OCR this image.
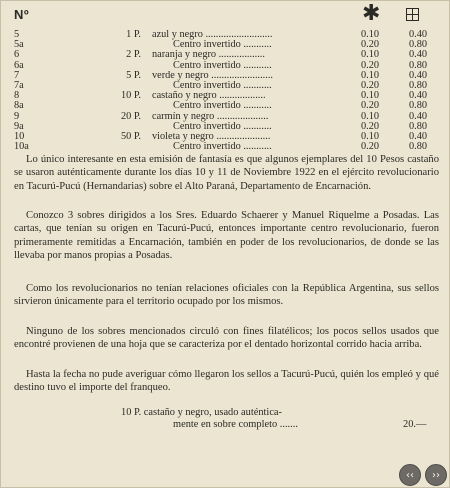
Nº	✱
5	1 P. azul y negro ..........................	0.10	0.40
5a	Centro invertido ...........	0.20	0.80
6	2 P. naranja y negro ..................	0.10	0.40
6a	Centro invertido ...........	0.20	0.80
7	5 P. verde y negro ........................	0.10	0.40
7a	Centro invertido ...........	0.20	0.80
8	10 P. castaño y negro ..................	0.10	0.40
8a	Centro invertido ...........	0.20	0.80
9	20 P. carmín y negro ....................	0.10	0.40
9a	Centro invertido ...........	0.20	0.80
10	50 P. violeta y negro .....................	0.10	0.40
10a	Centro invertido ...........	0.20	0.80

Lo único interesante en esta emisión de fantasía es que algunos ejemplares del 10 Pesos castaño se usaron auténticamente durante los días 10 y 11 de Noviembre 1922 en el ejército revolucionario en Tacurú-Pucú (Hernandarias) sobre el Alto Paraná, Departamento de Encarnación.

Conozco 3 sobres dirigidos a los Sres. Eduardo Schaerer y Manuel Riquelme a Posadas. Las cartas, que tenían su origen en Tacurú-Pucú, entonces importante centro revolucionario, fueron primeramente remitidas a Encarnación, también en poder de los revolucionarios, de donde se las llevaba por manos propias a Posadas.

Como los revolucionarios no tenían relaciones oficiales con la República Argentina, sus sellos sirvieron únicamente para el territorio ocupado por los mismos.

Ninguno de los sobres mencionados circuló con fines filatélicos; los pocos sellos usados que encontré provienen de una hoja que se caracteriza por el dentado horizontal corrido hacia arriba.

Hasta la fecha no pude averiguar cómo llegaron los sellos a Tacurú-Pucú, quién los empleó y qué destino tuvo el importe del franqueo.

10 P. castaño y negro, usado auténtica-
mente en sobre completo .......	20.—
‹‹ ››
